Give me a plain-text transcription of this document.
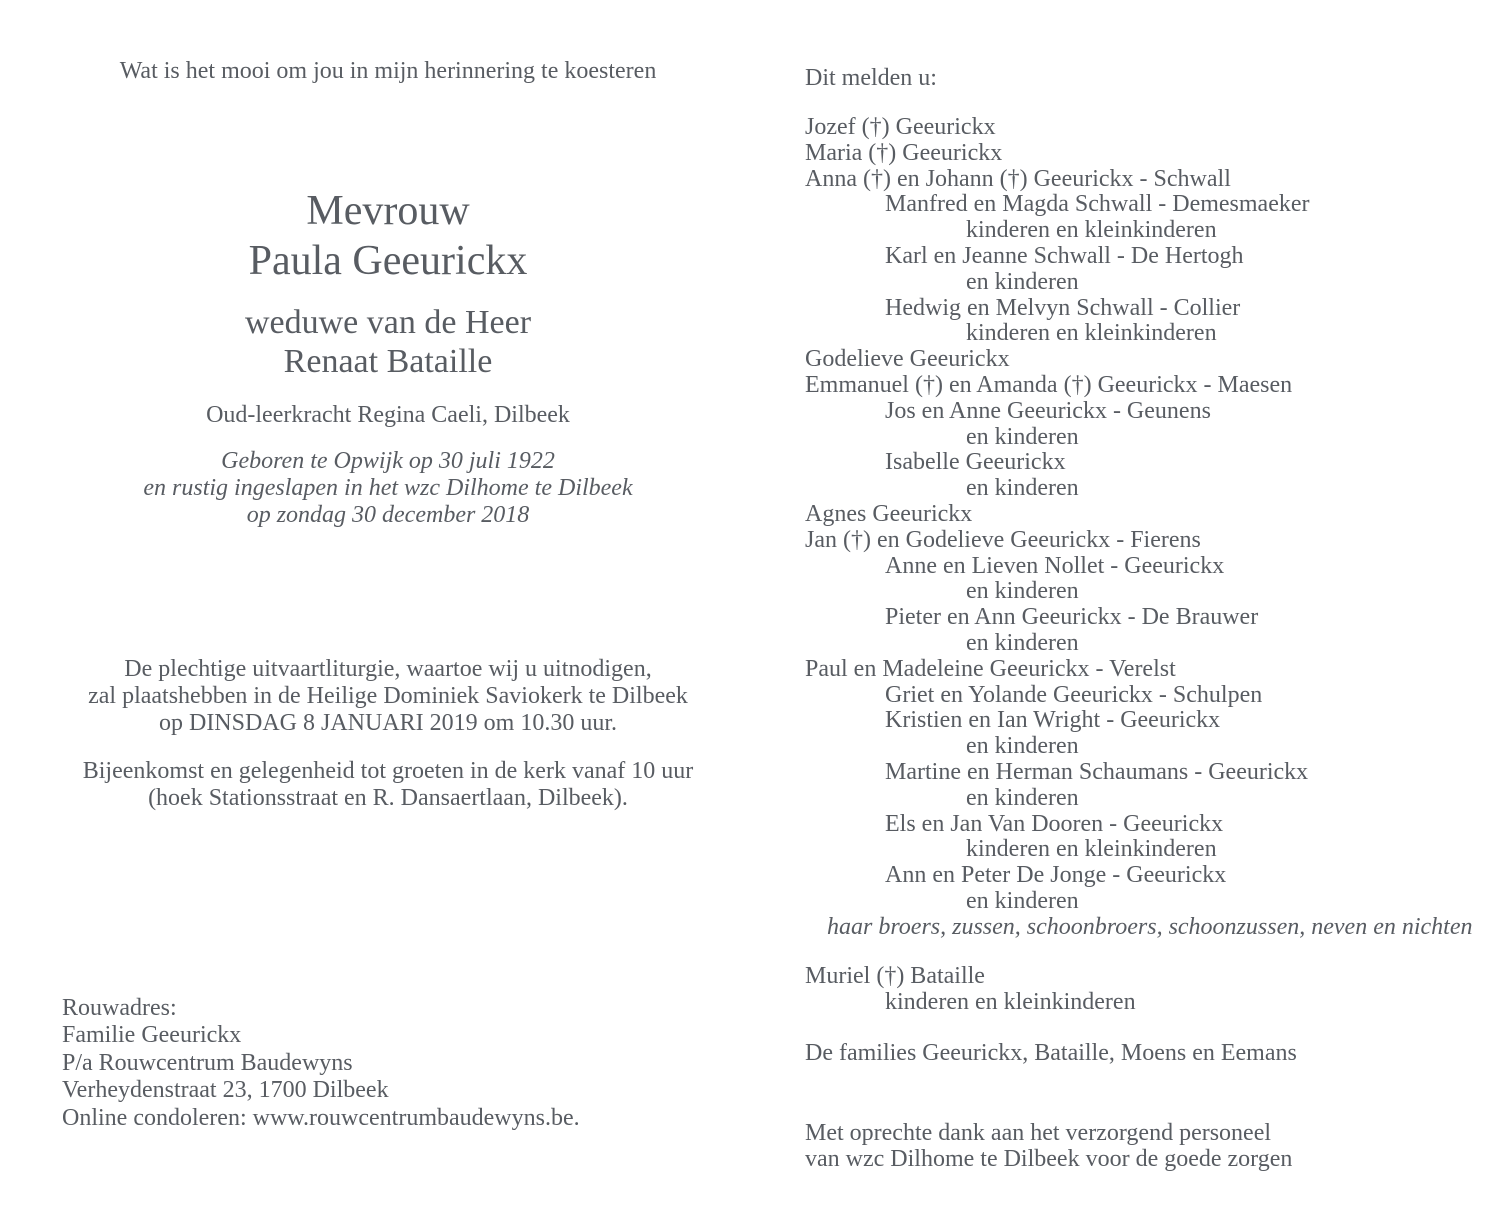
Wat is het mooi om jou in mijn herinnering te koesteren
Mevrouw
Paula Geeurickx
weduwe van de Heer
Renaat Bataille
Oud-leerkracht Regina Caeli, Dilbeek
Geboren te Opwijk op 30 juli 1922
en rustig ingeslapen in het wzc Dilhome te Dilbeek
op zondag 30 december 2018
De plechtige uitvaartliturgie, waartoe wij u uitnodigen,
zal plaatshebben in de Heilige Dominiek Saviokerk te Dilbeek
op DINSDAG 8 JANUARI 2019 om 10.30 uur.
Bijeenkomst en gelegenheid tot groeten in de kerk vanaf 10 uur
(hoek Stationsstraat en R. Dansaertlaan, Dilbeek).
Rouwadres:
Familie Geeurickx
P/a Rouwcentrum Baudewyns
Verheydenstraat 23, 1700 Dilbeek
Online condoleren: www.rouwcentrumbaudewyns.be.
Dit melden u:
Jozef (†) Geeurickx
Maria (†) Geeurickx
Anna (†) en Johann (†) Geeurickx - Schwall
Manfred en Magda Schwall - Demesmaeker
kinderen en kleinkinderen
Karl en Jeanne Schwall - De Hertogh
en kinderen
Hedwig en Melvyn Schwall - Collier
kinderen en kleinkinderen
Godelieve Geeurickx
Emmanuel (†) en Amanda (†) Geeurickx - Maesen
Jos en Anne Geeurickx - Geunens
en kinderen
Isabelle Geeurickx
en kinderen
Agnes Geeurickx
Jan (†) en Godelieve Geeurickx - Fierens
Anne en Lieven Nollet - Geeurickx
en kinderen
Pieter en Ann Geeurickx - De Brauwer
en kinderen
Paul en Madeleine Geeurickx - Verelst
Griet en Yolande Geeurickx - Schulpen
Kristien en Ian Wright - Geeurickx
en kinderen
Martine en Herman Schaumans - Geeurickx
en kinderen
Els en Jan Van Dooren - Geeurickx
kinderen en kleinkinderen
Ann en Peter De Jonge - Geeurickx
en kinderen
haar broers, zussen, schoonbroers, schoonzussen, neven en nichten
Muriel (†) Bataille
kinderen en kleinkinderen
De families Geeurickx, Bataille, Moens en Eemans
Met oprechte dank aan het verzorgend personeel
van wzc Dilhome te Dilbeek voor de goede zorgen
